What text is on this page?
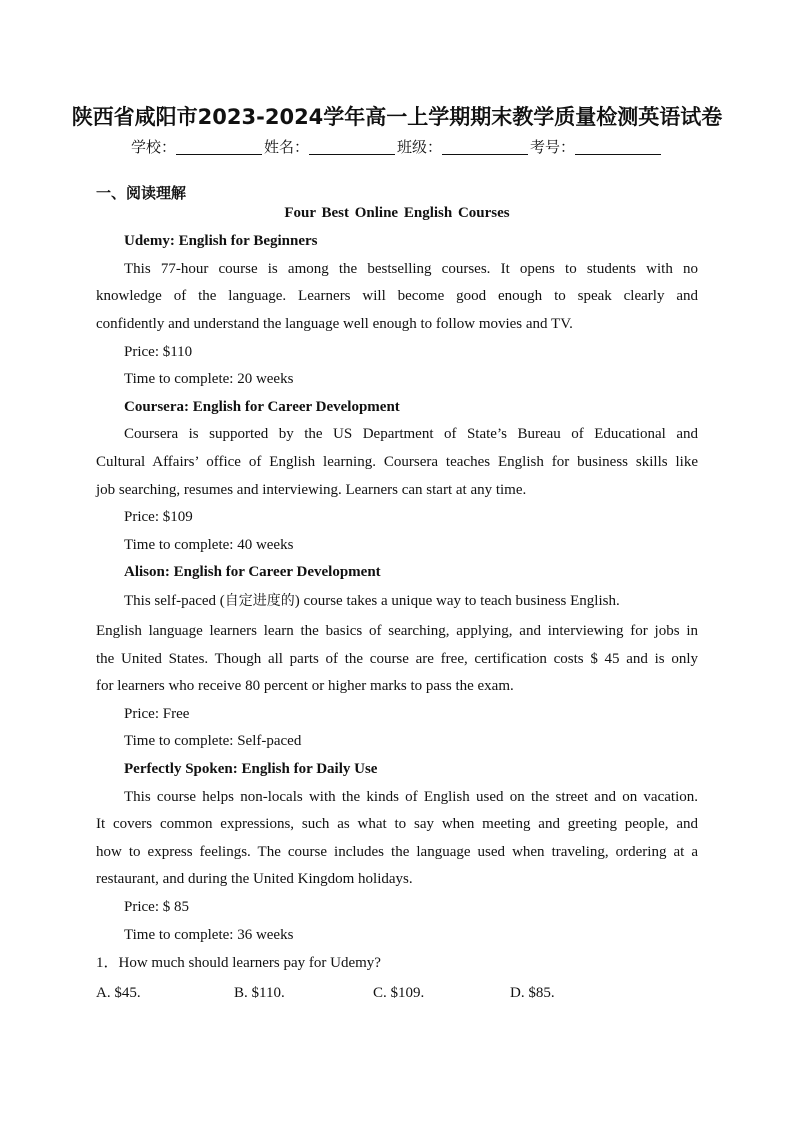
陕西省咸阳市2023-2024学年高一上学期期末教学质量检测英语试卷
学校：	姓名：	班级：	考号：
一、阅读理解
Four Best Online English Courses
Udemy: English for Beginners
This 77-hour course is among the bestselling courses. It opens to students with no
knowledge of the language. Learners will become good enough to speak clearly and
confidently and understand the language well enough to follow movies and TV.
Price: $110
Time to complete: 20 weeks
Coursera: English for Career Development
Coursera is supported by the US Department of State’s Bureau of Educational and
Cultural Affairs’ office of English learning. Coursera teaches English for business skills like
job searching, resumes and interviewing. Learners can start at any time.
Price: $109
Time to complete: 40 weeks
Alison: English for Career Development
This self-paced (自定进度的) course takes a unique way to teach business English.
English language learners learn the basics of searching, applying, and interviewing for jobs in
the United States. Though all parts of the course are free, certification costs $ 45 and is only
for learners who receive 80 percent or higher marks to pass the exam.
Price: Free
Time to complete: Self-paced
Perfectly Spoken: English for Daily Use
This course helps non-locals with the kinds of English used on the street and on vacation.
It covers common expressions, such as what to say when meeting and greeting people, and
how to express feelings. The course includes the language used when traveling, ordering at a
restaurant, and during the United Kingdom holidays.
Price: $ 85
Time to complete: 36 weeks
1．How much should learners pay for Udemy?
A. $45.	B. $110.	C. $109.	D. $85.
